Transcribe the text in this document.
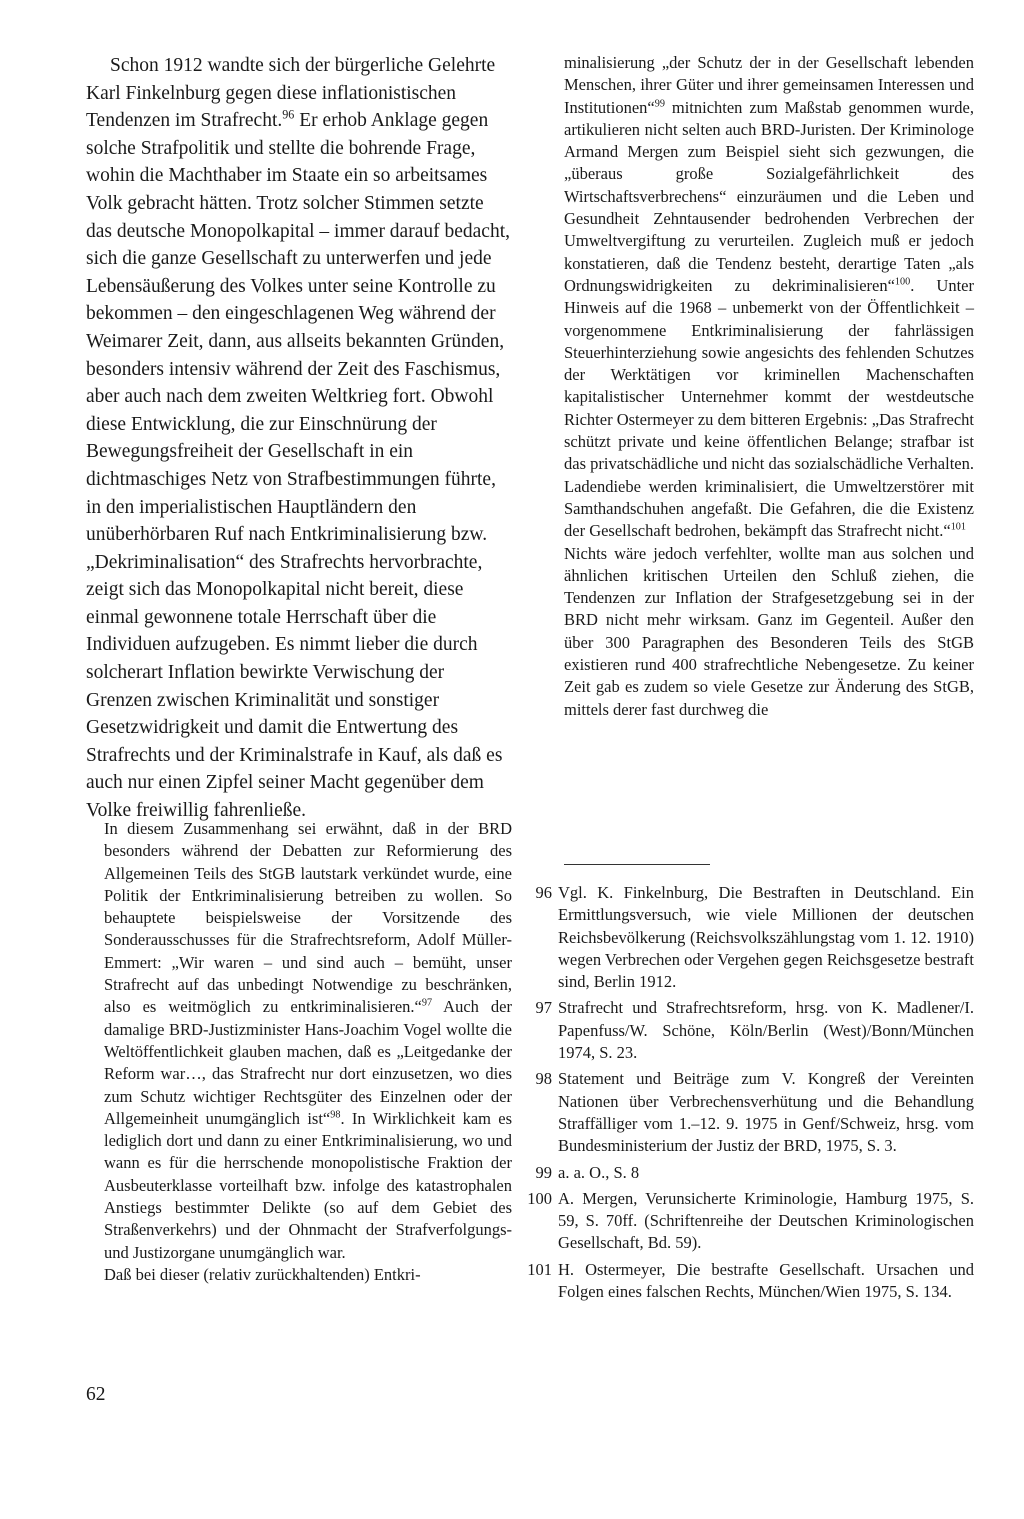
Schon 1912 wandte sich der bürgerliche Gelehrte Karl Finkelnburg gegen diese inflationistischen Tendenzen im Strafrecht.$^{96}$ Er erhob Anklage gegen solche Strafpolitik und stellte die bohrende Frage, wohin die Machthaber im Staate ein so arbeitsames Volk gebracht hätten. Trotz solcher Stimmen setzte das deutsche Monopolkapital – immer darauf bedacht, sich die ganze Gesellschaft zu unterwerfen und jede Lebensäußerung des Volkes unter seine Kontrolle zu bekommen – den eingeschlagenen Weg während der Weimarer Zeit, dann, aus allseits bekannten Gründen, besonders intensiv während der Zeit des Faschismus, aber auch nach dem zweiten Weltkrieg fort. Obwohl diese Entwicklung, die zur Einschnürung der Bewegungsfreiheit der Gesellschaft in ein dichtmaschiges Netz von Strafbestimmungen führte, in den imperialistischen Hauptländern den unüberhörbaren Ruf nach Entkriminalisierung bzw. „Dekriminalisation“ des Strafrechts hervorbrachte, zeigt sich das Monopolkapital nicht bereit, diese einmal gewonnene totale Herrschaft über die Individuen aufzugeben. Es nimmt lieber die durch solcherart Inflation bewirkte Verwischung der Grenzen zwischen Kriminalität und sonstiger Gesetzwidrigkeit und damit die Entwertung des Strafrechts und der Kriminalstrafe in Kauf, als daß es auch nur einen Zipfel seiner Macht gegenüber dem Volke freiwillig fahrenließe.

In diesem Zusammenhang sei erwähnt, daß in der BRD besonders während der Debatten zur Reformierung des Allgemeinen Teils des StGB lautstark verkündet wurde, eine Politik der Entkriminalisierung betreiben zu wollen. So behauptete beispielsweise der Vorsitzende des Sonderausschusses für die Strafrechtsreform, Adolf Müller-Emmert: „Wir waren – und sind auch – bemüht, unser Strafrecht auf das unbedingt Notwendige zu beschränken, also es weitmöglich zu entkriminalisieren.“$^{97}$ Auch der damalige BRD-Justizminister Hans-Joachim Vogel wollte die Weltöffentlichkeit glauben machen, daß es „Leitgedanke der Reform war…, das Strafrecht nur dort einzusetzen, wo dies zum Schutz wichtiger Rechtsgüter des Einzelnen oder der Allgemeinheit unumgänglich ist“$^{98}$. In Wirklichkeit kam es lediglich dort und dann zu einer Entkriminalisierung, wo und wann es für die herrschende monopolistische Fraktion der Ausbeuterklasse vorteilhaft bzw. infolge des katastrophalen Anstiegs bestimmter Delikte (so auf dem Gebiet des Straßenverkehrs) und der Ohnmacht der Strafverfolgungs- und Justizorgane unumgänglich war.

Daß bei dieser (relativ zurückhaltenden) Entkri-

minalisierung „der Schutz der in der Gesellschaft lebenden Menschen, ihrer Güter und ihrer gemeinsamen Interessen und Institutionen“$^{99}$ mitnichten zum Maßstab genommen wurde, artikulieren nicht selten auch BRD-Juristen. Der Kriminologe Armand Mergen zum Beispiel sieht sich gezwungen, die „überaus große Sozialgefährlichkeit des Wirtschaftsverbrechens“ einzuräumen und die Leben und Gesundheit Zehntausender bedrohenden Verbrechen der Umweltvergiftung zu verurteilen. Zugleich muß er jedoch konstatieren, daß die Tendenz besteht, derartige Taten „als Ordnungswidrigkeiten zu dekriminalisieren“$^{100}$. Unter Hinweis auf die 1968 – unbemerkt von der Öffentlichkeit – vorgenommene Entkriminalisierung der fahrlässigen Steuerhinterziehung sowie angesichts des fehlenden Schutzes der Werktätigen vor kriminellen Machenschaften kapitalistischer Unternehmer kommt der westdeutsche Richter Ostermeyer zu dem bitteren Ergebnis: „Das Strafrecht schützt private und keine öffentlichen Belange; strafbar ist das privatschädliche und nicht das sozialschädliche Verhalten. Ladendiebe werden kriminalisiert, die Umweltzerstörer mit Samthandschuhen angefaßt. Die Gefahren, die die Existenz der Gesellschaft bedrohen, bekämpft das Strafrecht nicht.“$^{101}$

Nichts wäre jedoch verfehlter, wollte man aus solchen und ähnlichen kritischen Urteilen den Schluß ziehen, die Tendenzen zur Inflation der Strafgesetzgebung sei in der BRD nicht mehr wirksam. Ganz im Gegenteil. Außer den über 300 Paragraphen des Besonderen Teils des StGB existieren rund 400 strafrechtliche Nebengesetze. Zu keiner Zeit gab es zudem so viele Gesetze zur Änderung des StGB, mittels derer fast durchweg die

96 Vgl. K. Finkelnburg, Die Bestraften in Deutschland. Ein Ermittlungsversuch, wie viele Millionen der deutschen Reichsbevölkerung (Reichsvolkszählungstag vom 1. 12. 1910) wegen Verbrechen oder Vergehen gegen Reichsgesetze bestraft sind, Berlin 1912.
97 Strafrecht und Strafrechtsreform, hrsg. von K. Madlener/I. Papenfuss/W. Schöne, Köln/Berlin (West)/Bonn/München 1974, S. 23.
98 Statement und Beiträge zum V. Kongreß der Vereinten Nationen über Verbrechensverhütung und die Behandlung Straffälliger vom 1.–12. 9. 1975 in Genf/Schweiz, hrsg. vom Bundesministerium der Justiz der BRD, 1975, S. 3.
99 a. a. O., S. 8
100 A. Mergen, Verunsicherte Kriminologie, Hamburg 1975, S. 59, S. 70ff. (Schriftenreihe der Deutschen Kriminologischen Gesellschaft, Bd. 59).
101 H. Ostermeyer, Die bestrafte Gesellschaft. Ursachen und Folgen eines falschen Rechts, München/Wien 1975, S. 134.
62
